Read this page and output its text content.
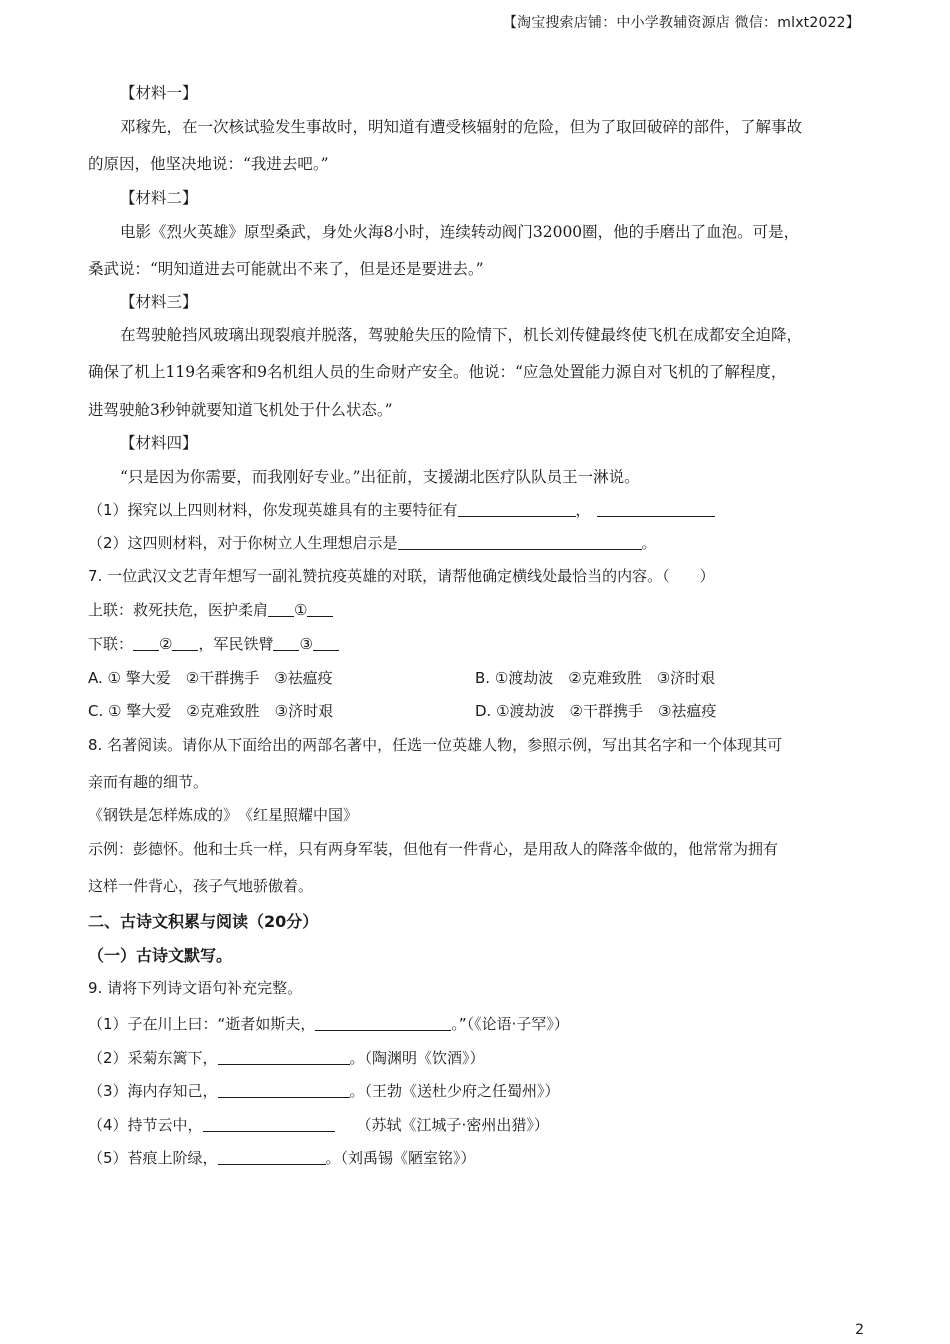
【淘宝搜索店铺：中小学教辅资源店 微信：mlxt2022】
【材料一】
邓稼先，在一次核试验发生事故时，明知道有遭受核辐射的危险，但为了取回破碎的部件，了解事故
的原因，他坚决地说：“我进去吧。”
【材料二】
电影《烈火英雄》原型桑武，身处火海8小时，连续转动阀门32000圈，他的手磨出了血泡。可是，
桑武说：“明知道进去可能就出不来了，但是还是要进去。”
【材料三】
在驾驶舱挡风玻璃出现裂痕并脱落，驾驶舱失压的险情下，机长刘传健最终使飞机在成都安全迫降，
确保了机上119名乘客和9名机组人员的生命财产安全。他说：“应急处置能力源自对飞机的了解程度，
进驾驶舱3秒钟就要知道飞机处于什么状态。”
【材料四】
“只是因为你需要，而我刚好专业。”出征前，支援湖北医疗队队员王一淋说。
（1）探究以上四则材料，你发现英雄具有的主要特征有	，
（2）这四则材料，对于你树立人生理想启示是	。
7. 一位武汉文艺青年想写一副礼赞抗疫英雄的对联，请帮他确定横线处最恰当的内容。（　　）
上联：救死扶危，医护柔肩 ①
下联： ② ，军民铁臂 ③
A. ① 擎大爱　②干群携手　③祛瘟疫	B. ①渡劫波　②克难致胜　③济时艰
C. ① 擎大爱　②克难致胜　③济时艰	D. ①渡劫波　②干群携手　③祛瘟疫
8. 名著阅读。请你从下面给出的两部名著中，任选一位英雄人物，参照示例，写出其名字和一个体现其可
亲而有趣的细节。
《钢铁是怎样炼成的》　《红星照耀中国》
示例：彭德怀。他和士兵一样，只有两身军装，但他有一件背心，是用敌人的降落伞做的，他常常为拥有
这样一件背心，孩子气地骄傲着。
二、古诗文积累与阅读（20分）
（一）古诗文默写。
9. 请将下列诗文语句补充完整。
（1）子在川上曰：“逝者如斯夫，	。”（《论语·子罕》）
（2）采菊东篱下，	。（陶渊明《饮酒》）
（3）海内存知己，	。（王勃《送杜少府之任蜀州》）
（4）持节云中，	（苏轼《江城子·密州出猎》）
（5）苔痕上阶绿，	。（刘禹锡《陋室铭》）
2
